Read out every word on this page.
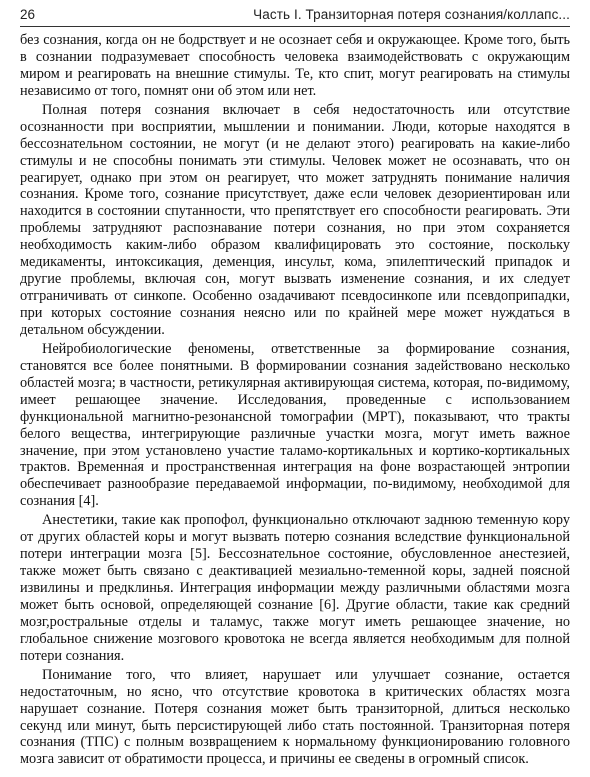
26	Часть I. Транзиторная потеря сознания/коллапс...

без сознания, когда он не бодрствует и не осознает себя и окружающее. Кроме того, быть в сознании подразумевает способность человека взаимодействовать с окружающим миром и реагировать на внешние стимулы. Те, кто спит, могут реагировать на стимулы независимо от того, помнят они об этом или нет.

Полная потеря сознания включает в себя недостаточность или отсутствие осознанности при восприятии, мышлении и понимании. Люди, которые находятся в бессознательном состоянии, не могут (и не делают этого) реагировать на какие-либо стимулы и не способны понимать эти стимулы. Человек может не осознавать, что он реагирует, однако при этом он реагирует, что может затруднять понимание наличия сознания. Кроме того, сознание присутствует, даже если человек дезориентирован или находится в состоянии спутанности, что препятствует его способности реагировать. Эти проблемы затрудняют распознавание потери сознания, но при этом сохраняется необходимость каким-либо образом квалифицировать это состояние, поскольку медикаменты, интоксикация, деменция, инсульт, кома, эпилептический припадок и другие проблемы, включая сон, могут вызвать изменение сознания, и их следует отграничивать от синкопе. Особенно озадачивают псевдосинкопе или псевдоприпадки, при которых состояние сознания неясно или по крайней мере может нуждаться в детальном обсуждении.

Нейробиологические феномены, ответственные за формирование сознания, становятся все более понятными. В формировании сознания задействовано несколько областей мозга; в частности, ретикулярная активирующая система, которая, по-видимому, имеет решающее значение. Исследования, проведенные с использованием функциональной магнитно-резонансной томографии (МРТ), показывают, что тракты белого вещества, интегрирующие различные участки мозга, могут иметь важное значение, при этом установлено участие таламо-кортикальных и кортико-кортикальных трактов. Временна́я и пространственная интеграция на фоне возрастающей энтропии обеспечивает разнообразие передаваемой информации, по-видимому, необходимой для сознания [4].

Анестетики, такие как пропофол, функционально отключают заднюю теменную кору от других областей коры и могут вызвать потерю сознания вследствие функциональной потери интеграции мозга [5]. Бессознательное состояние, обусловленное анестезией, также может быть связано с деактивацией мезиально-теменной коры, задней поясной извилины и предклинья. Интеграция информации между различными областями мозга может быть основой, определяющей сознание [6]. Другие области, такие как средний мозг,ростральные отделы и таламус, также могут иметь решающее значение, но глобальное снижение мозгового кровотока не всегда является необходимым для полной потери сознания.

Понимание того, что влияет, нарушает или улучшает сознание, остается недостаточным, но ясно, что отсутствие кровотока в критических областях мозга нарушает сознание. Потеря сознания может быть транзиторной, длиться несколько секунд или минут, быть персистирующей либо стать постоянной. Транзиторная потеря сознания (ТПС) с полным возвращением к нормальному функционированию головного мозга зависит от обратимости процесса, и причины ее сведены в огромный список.
